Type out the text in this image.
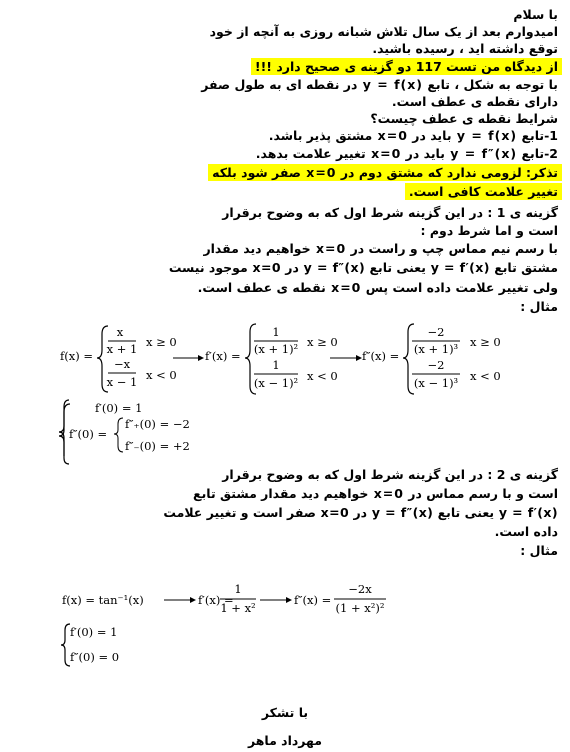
با سلام
امیدوارم بعد از یک سال تلاش شبانه روزی به آنچه از خود
توقع داشته اید ، رسیده باشید.
از دیدگاه من تست 117 دو گزینه ی صحیح دارد !!!
با توجه به شکل ، تابع y = f(x) در نقطه ای به طول صفر
دارای نقطه ی عطف است.
شرایط نقطه ی عطف چیست؟
1-تابع y = f(x) باید در x=0 مشتق پذیر باشد.
2-تابع y = f″(x) باید در x=0 تغییر علامت بدهد.
تذکر: لزومی ندارد که مشتق دوم در x=0 صفر شود بلکه
تغییر علامت کافی است.
گزینه ی 1 : در این گزینه شرط اول که به وضوح برقرار
است و اما شرط دوم :
با رسم نیم مماس چپ و راست در x=0 خواهیم دید مقدار
مشتق تابع y = f′(x) یعنی تابع y = f″(x) در x=0 موجود نیست
ولی تغییر علامت داده است پس x=0 نقطه ی عطف است.
مثال :
f(x) =
x
x + 1 x ≥ 0
−x
x − 1 x < 0
f′(x) =
1
(x + 1)² x ≥ 0
1
(x − 1)² x < 0
f″(x) =
−2
(x + 1)³ x ≥ 0
−2
(x − 1)³ x < 0
f′(0) = 1
f″(0) =
f″₊(0) = −2
f″₋(0) = +2
گزینه ی 2 : در این گزینه شرط اول که به وضوح برقرار
است و با رسم مماس در x=0 خواهیم دید مقدار مشتق تابع
y = f′(x) یعنی تابع y = f″(x) در x=0 صفر است و تغییر علامت
داده است.
مثال :
f(x) = tan⁻¹(x)	f′(x) =
1
1 + x²
f″(x) =
−2x
(1 + x²)²
f′(0) = 1
f″(0) = 0
با تشکر
مهرداد ماهر
